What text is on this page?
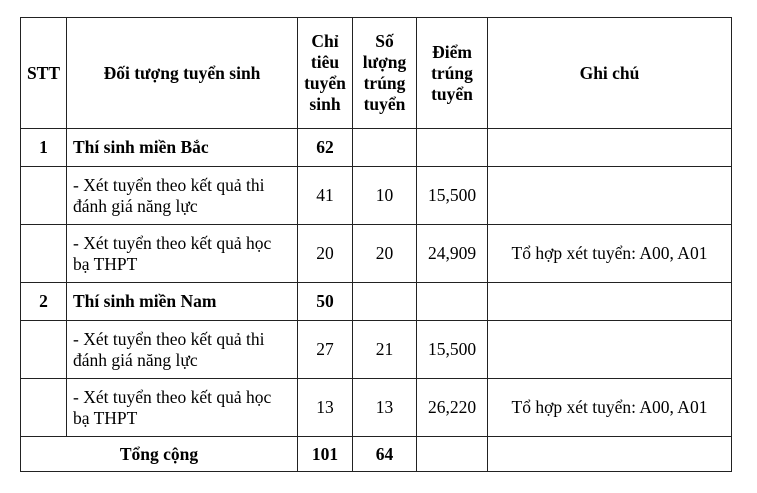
STT	Đối tượng tuyển sinh	Chỉ tiêu tuyển sinh	Số lượng trúng tuyển	Điểm trúng tuyển	Ghi chú
1	Thí sinh miền Bắc	62			
	- Xét tuyển theo kết quả thi đánh giá năng lực	41	10	15,500	
	- Xét tuyển theo kết quả học bạ THPT	20	20	24,909	Tổ hợp xét tuyển: A00, A01
2	Thí sinh miền Nam	50			
	- Xét tuyển theo kết quả thi đánh giá năng lực	27	21	15,500	
	- Xét tuyển theo kết quả học bạ THPT	13	13	26,220	Tổ hợp xét tuyển: A00, A01
Tổng cộng		101	64		
